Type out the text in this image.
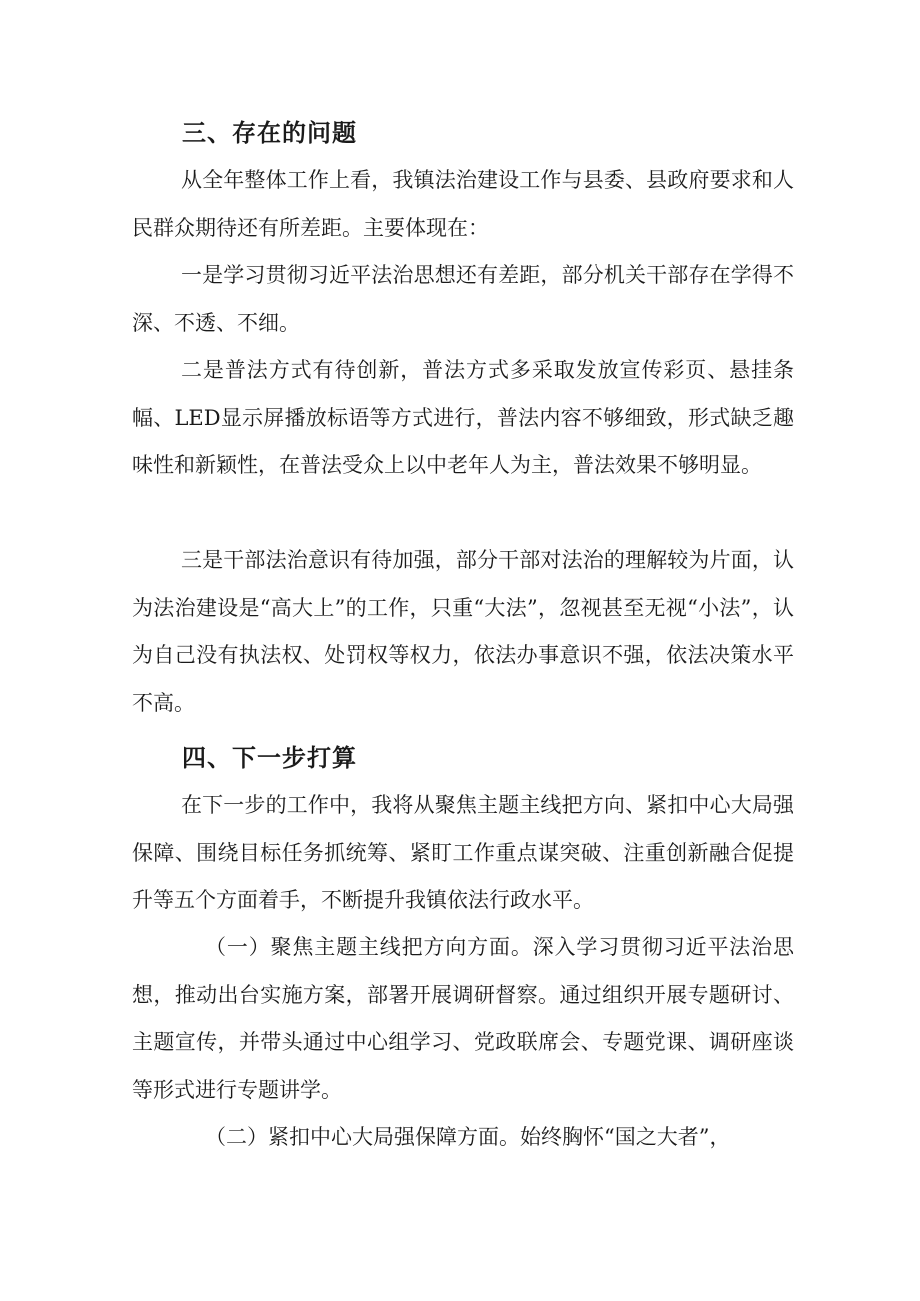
三、存在的问题

从全年整体工作上看，我镇法治建设工作与县委、县政府要求和人民群众期待还有所差距。主要体现在：

一是学习贯彻习近平法治思想还有差距，部分机关干部存在学得不深、不透、不细。

二是普法方式有待创新，普法方式多采取发放宣传彩页、悬挂条幅、LED显示屏播放标语等方式进行，普法内容不够细致，形式缺乏趣味性和新颖性，在普法受众上以中老年人为主，普法效果不够明显。

三是干部法治意识有待加强，部分干部对法治的理解较为片面，认为法治建设是“高大上”的工作，只重“大法”，忽视甚至无视“小法”，认为自己没有执法权、处罚权等权力，依法办事意识不强，依法决策水平不高。

四、下一步打算

在下一步的工作中，我将从聚焦主题主线把方向、紧扣中心大局强保障、围绕目标任务抓统筹、紧盯工作重点谋突破、注重创新融合促提升等五个方面着手，不断提升我镇依法行政水平。

（一）聚焦主题主线把方向方面。深入学习贯彻习近平法治思想，推动出台实施方案，部署开展调研督察。通过组织开展专题研讨、主题宣传，并带头通过中心组学习、党政联席会、专题党课、调研座谈等形式进行专题讲学。

（二）紧扣中心大局强保障方面。始终胸怀“国之大者”，
